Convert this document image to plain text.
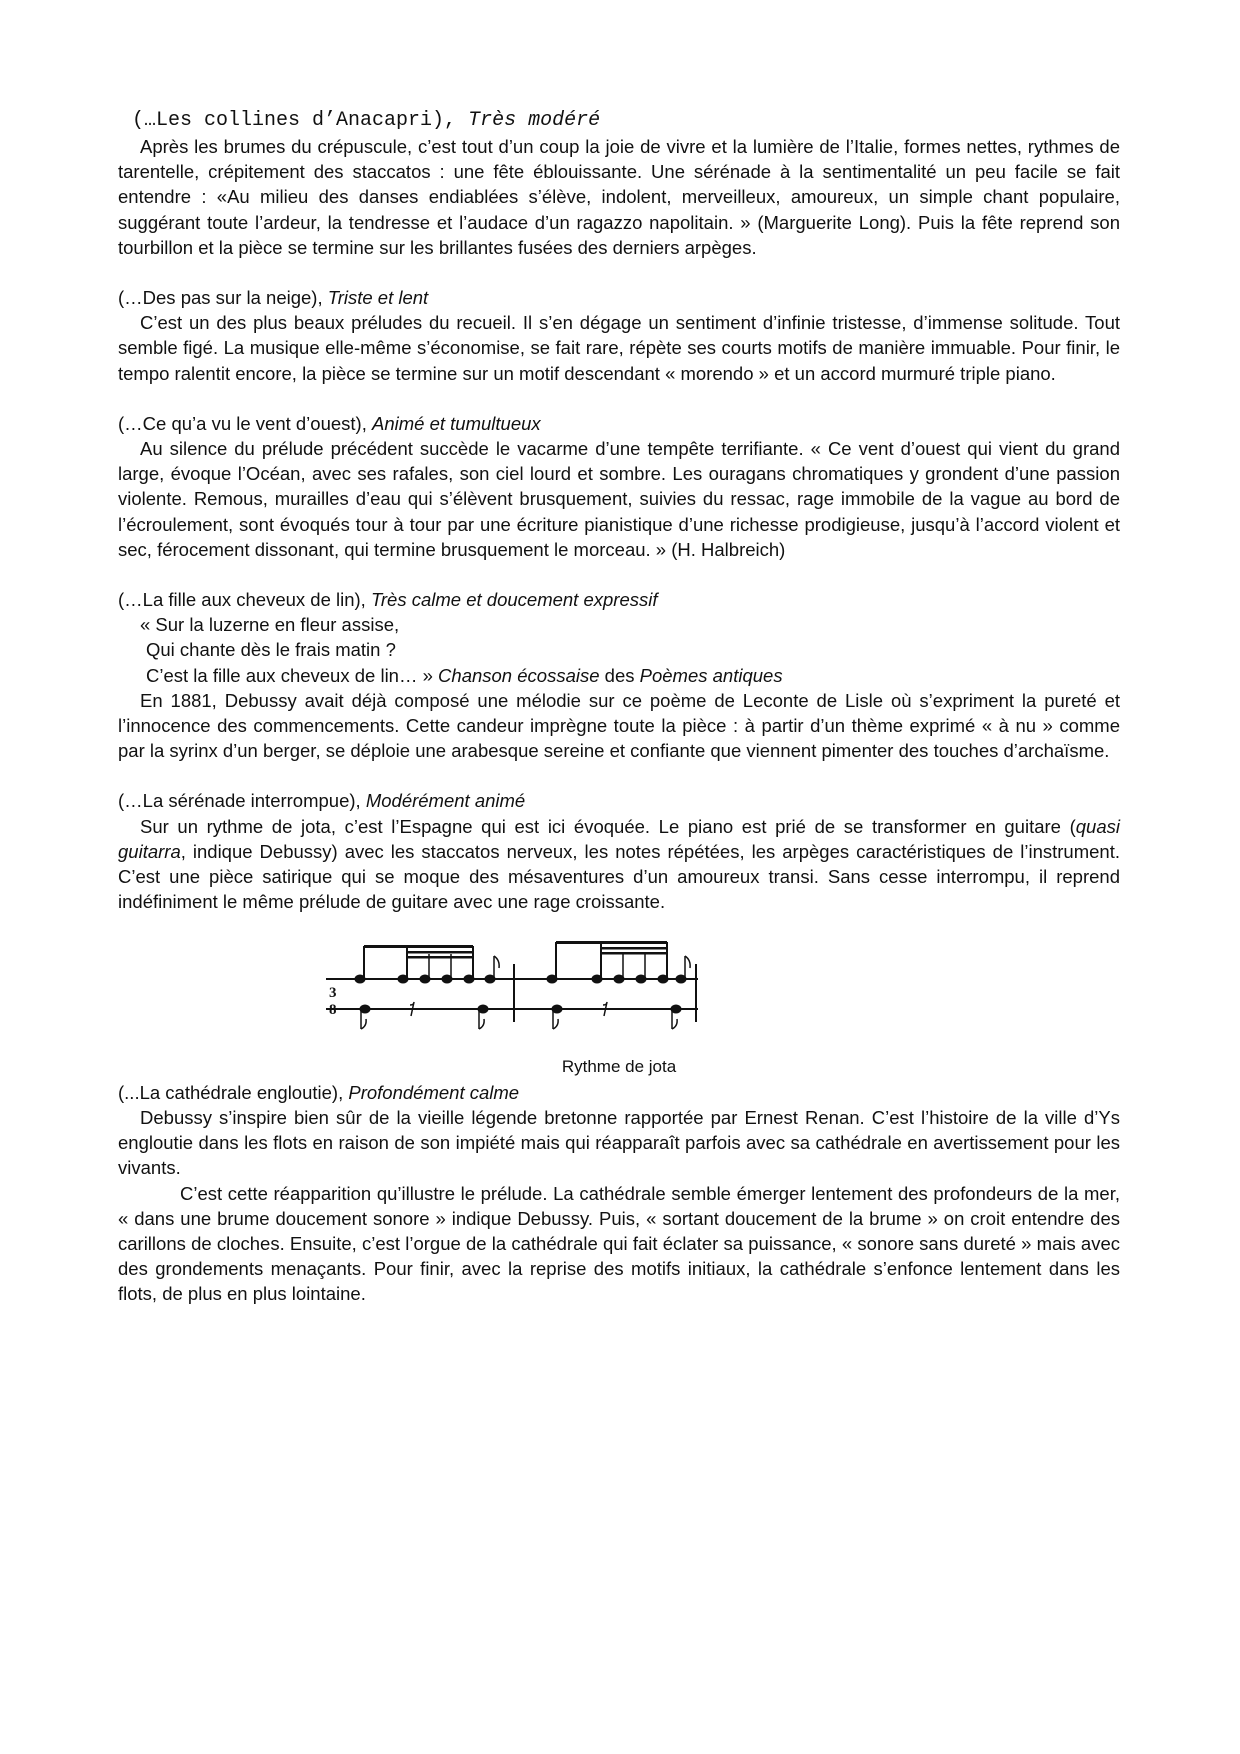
(…Les collines d’Anacapri), Très modéré

Après les brumes du crépuscule, c’est tout d’un coup la joie de vivre et la lumière de l’Italie, formes nettes, rythmes de tarentelle, crépitement des staccatos : une fête éblouissante. Une sérénade à la sentimentalité un peu facile se fait entendre : «Au milieu des danses endiablées s’élève, indolent, merveilleux, amoureux, un simple chant populaire, suggérant toute l’ardeur, la tendresse et l’audace d’un ragazzo napolitain. » (Marguerite Long). Puis la fête reprend son tourbillon et la pièce se termine sur les brillantes fusées des derniers arpèges.

(…Des pas sur la neige), Triste et lent

C’est un des plus beaux préludes du recueil. Il s’en dégage un sentiment d’infinie tristesse, d’immense solitude. Tout semble figé. La musique elle-même s’économise, se fait rare, répète ses courts motifs de manière immuable. Pour finir, le tempo ralentit encore, la pièce se termine sur un motif descendant « morendo » et un accord murmuré triple piano.

(…Ce qu’a vu le vent d’ouest), Animé et tumultueux

Au silence du prélude précédent succède le vacarme d’une tempête terrifiante. « Ce vent d’ouest qui vient du grand large, évoque l’Océan, avec ses rafales, son ciel lourd et sombre. Les ouragans chromatiques y grondent d’une passion violente. Remous, murailles d’eau qui s’élèvent brusquement, suivies du ressac, rage immobile de la vague au bord de l’écroulement, sont évoqués tour à tour par une écriture pianistique d’une richesse prodigieuse, jusqu’à l’accord violent et sec, férocement dissonant, qui termine brusquement le morceau. » (H. Halbreich)

(…La fille aux cheveux de lin), Très calme et doucement expressif

« Sur la luzerne en fleur assise,

Qui chante dès le frais matin ?

C’est la fille aux cheveux de lin… » Chanson écossaise des Poèmes antiques

En 1881, Debussy avait déjà composé une mélodie sur ce poème de Leconte de Lisle où s’expriment la pureté et l’innocence des commencements. Cette candeur imprègne toute la pièce : à partir d’un thème exprimé « à nu » comme par la syrinx d’un berger, se déploie une arabesque sereine et confiante que viennent pimenter des touches d’archaïsme.

(…La sérénade interrompue), Modérément animé

Sur un rythme de jota, c’est l’Espagne qui est ici évoquée. Le piano est prié de se transformer en guitare (quasi guitarra, indique Debussy) avec les staccatos nerveux, les notes répétées, les arpèges caractéristiques de l’instrument. C’est une pièce satirique qui se moque des mésaventures d’un amoureux transi. Sans cesse interrompu, il reprend indéfiniment le même prélude de guitare avec une rage croissante.

3
8

Rythme de jota

(...La cathédrale engloutie), Profondément calme

Debussy s’inspire bien sûr de la vieille légende bretonne rapportée par Ernest Renan. C’est l’histoire de la ville d’Ys engloutie dans les flots en raison de son impiété mais qui réapparaît parfois avec sa cathédrale en avertissement pour les vivants.

C’est cette réapparition qu’illustre le prélude. La cathédrale semble émerger lentement des profondeurs de la mer, « dans une brume doucement sonore » indique Debussy. Puis, « sortant doucement de la brume » on croit entendre des carillons de cloches. Ensuite, c’est l’orgue de la cathédrale qui fait éclater sa puissance, « sonore sans dureté » mais avec des grondements menaçants. Pour finir, avec la reprise des motifs initiaux, la cathédrale s’enfonce lentement dans les flots, de plus en plus lointaine.
